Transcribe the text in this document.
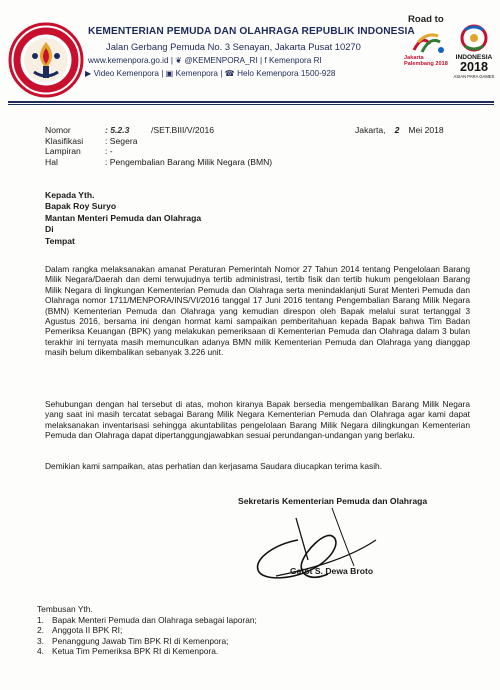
KEMENTERIAN PEMUDA DAN OLAHRAGA REPUBLIK INDONESIA
Jalan Gerbang Pemuda No. 3 Senayan, Jakarta Pusat 10270
www.kemenpora.go.id | ❦ @KEMENPORA_RI | f Kemenpora RI
▶ Video Kemenpora | ▣ Kemenpora | ☎ Helo Kemenpora 1500-928
Road to
Jakarta Palembang 2018
INDONESIA
2018
ASIAN PARA GAMES
Nomor	: 5.2.3	/SET.BIII/V/2016
Klasifikasi	: Segera
Lampiran	: -
Hal	: Pengembalian Barang Milik Negara (BMN)
Jakarta, 2 Mei 2018
Kepada Yth.
Bapak Roy Suryo
Mantan Menteri Pemuda dan Olahraga
Di
Tempat
Dalam rangka melaksanakan amanat Peraturan Pemerintah Nomor 27 Tahun 2014 tentang Pengelolaan Barang Milik Negara/Daerah dan demi terwujudnya tertib administrasi, tertib fisik dan tertib hukum pengelolaan Barang Milik Negara di lingkungan Kementerian Pemuda dan Olahraga serta menindaklanjuti Surat Menteri Pemuda dan Olahraga nomor 1711/MENPORA/INS/VI/2016 tanggal 17 Juni 2016 tentang Pengembalian Barang Milik Negara (BMN) Kementerian Pemuda dan Olahraga yang kemudian direspon oleh Bapak melalui surat tertanggal 3 Agustus 2016, bersama ini dengan hormat kami sampaikan pemberitahuan kepada Bapak bahwa Tim Badan Pemeriksa Keuangan (BPK) yang melakukan pemeriksaan di Kementerian Pemuda dan Olahraga dalam 3 bulan terakhir ini ternyata masih memunculkan adanya BMN milik Kementerian Pemuda dan Olahraga yang dianggap masih belum dikembalikan sebanyak 3.226 unit.
Sehubungan dengan hal tersebut di atas, mohon kiranya Bapak bersedia mengembalikan Barang Milik Negara yang saat ini masih tercatat sebagai Barang Milik Negara Kementerian Pemuda dan Olahraga agar kami dapat melaksanakan inventarisasi sehingga akuntabilitas pengelolaan Barang Milik Negara dilingkungan Kementerian Pemuda dan Olahraga dapat dipertanggungjawabkan sesuai perundangan-undangan yang berlaku.
Demikian kami sampaikan, atas perhatian dan kerjasama Saudara diucapkan terima kasih.
Sekretaris Kementerian Pemuda dan Olahraga
Gatot S. Dewa Broto
Tembusan Yth.
1. Bapak Menteri Pemuda dan Olahraga sebagai laporan;
2. Anggota II BPK RI;
3. Penanggung Jawab Tim BPK RI di Kemenpora;
4. Ketua Tim Pemeriksa BPK RI di Kemenpora.
